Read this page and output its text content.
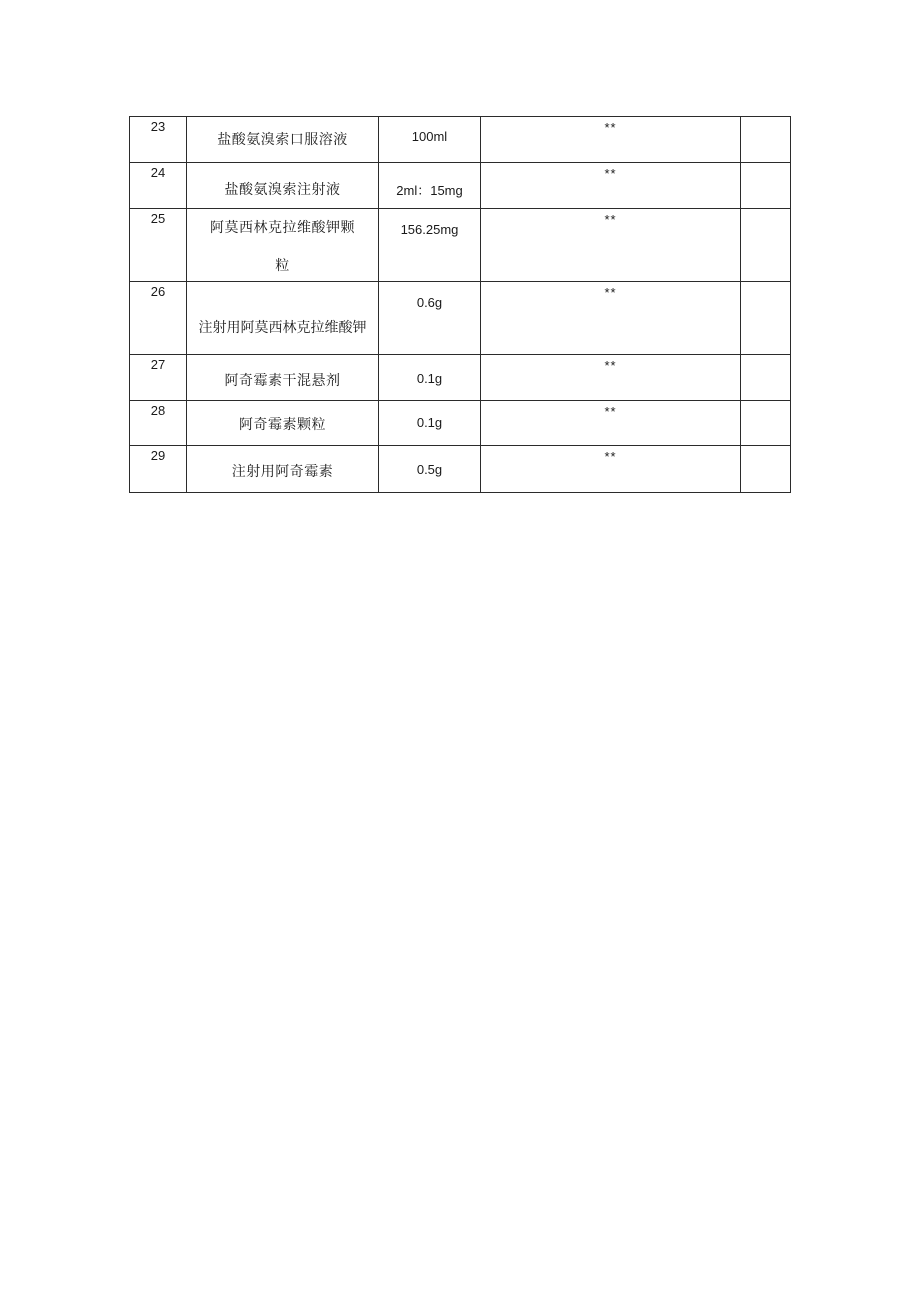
23	盐酸氨溴索口服溶液	100ml	**	

24	盐酸氨溴索注射液	2ml：15mg	**	

25	阿莫西林克拉维酸钾颗
粒	156.25mg	**	

26	注射用阿莫西林克拉维酸钾	0.6g	**	

27	阿奇霉素干混悬剂	0.1g	**	

28	阿奇霉素颗粒	0.1g	**	

29	注射用阿奇霉素	0.5g	**	
